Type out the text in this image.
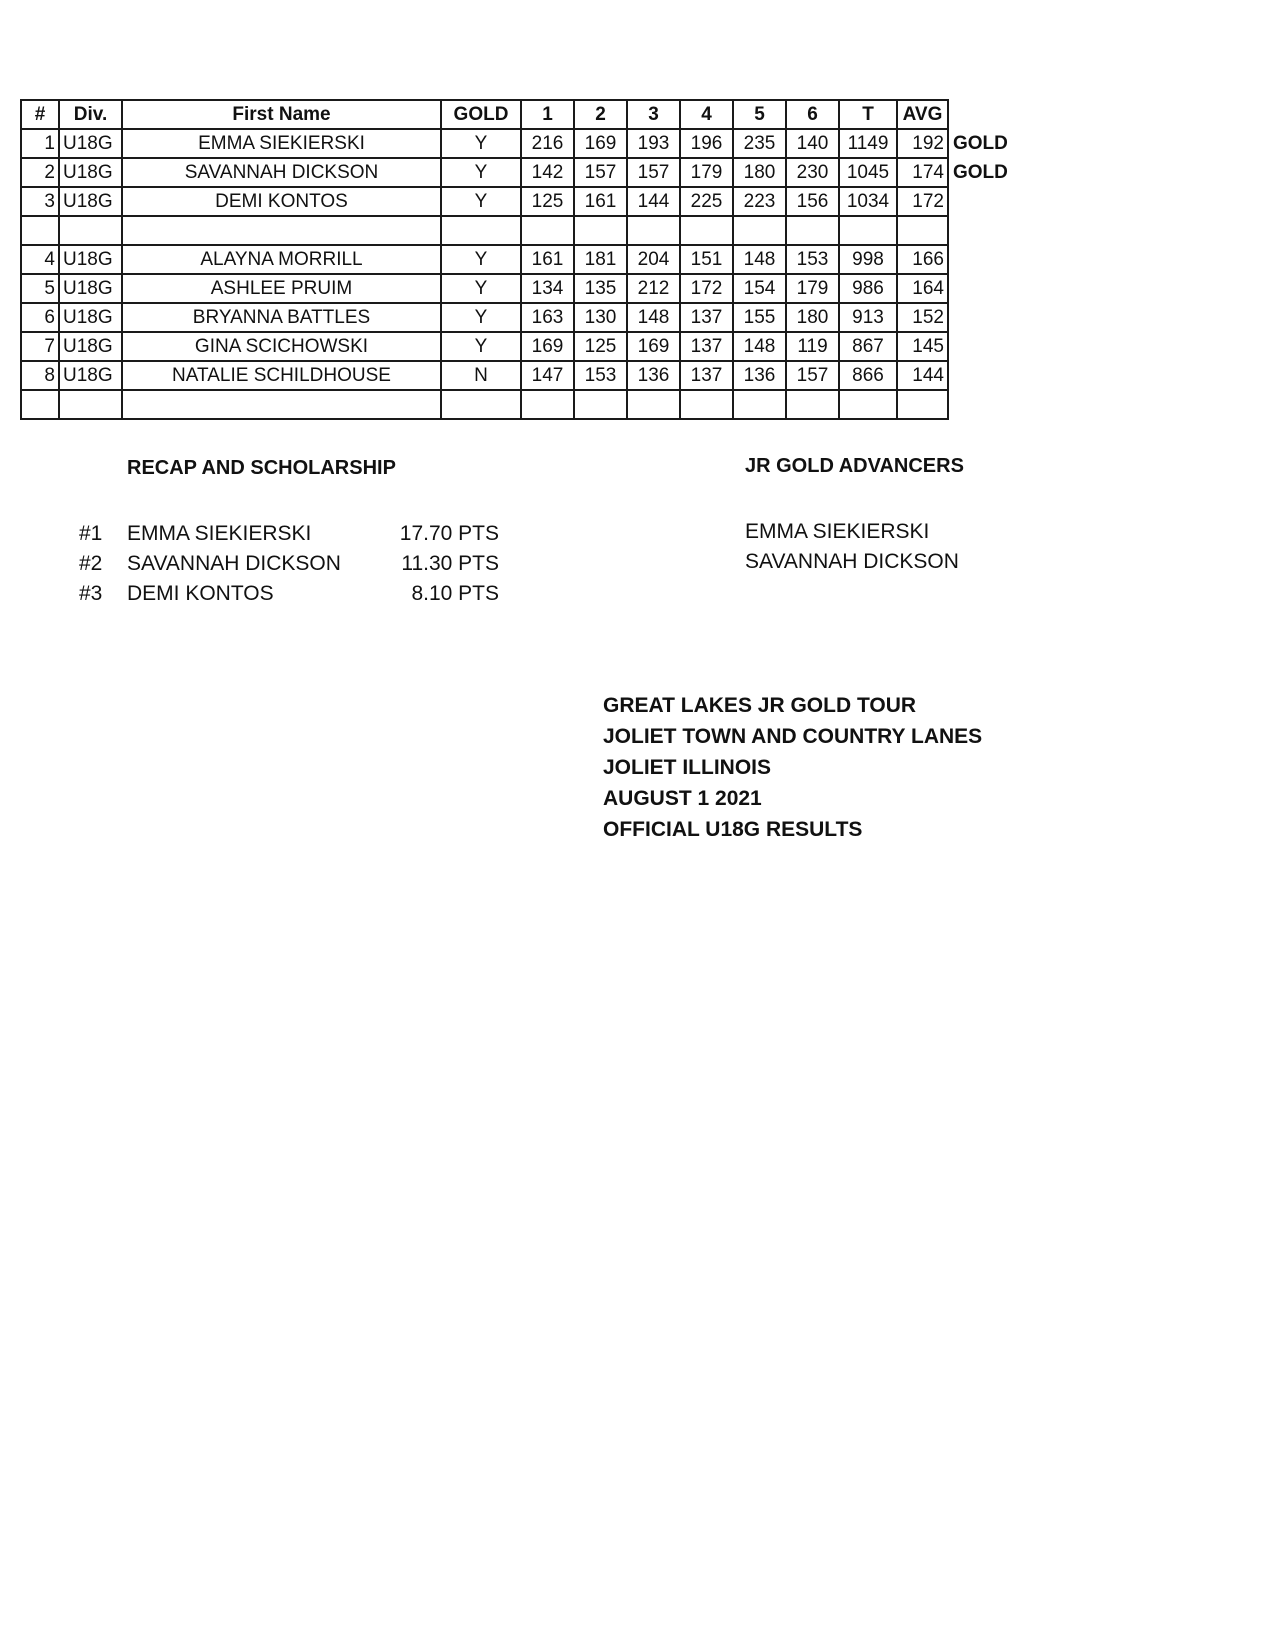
#	Div.	First Name	GOLD	1	2	3	4	5	6	T	AVG	
1	U18G	EMMA SIEKIERSKI	Y	216	169	193	196	235	140	1149	192	GOLD
2	U18G	SAVANNAH DICKSON	Y	142	157	157	179	180	230	1045	174	GOLD
3	U18G	DEMI KONTOS	Y	125	161	144	225	223	156	1034	172	

4	U18G	ALAYNA MORRILL	Y	161	181	204	151	148	153	998	166	
5	U18G	ASHLEE PRUIM	Y	134	135	212	172	154	179	986	164	
6	U18G	BRYANNA BATTLES	Y	163	130	148	137	155	180	913	152	
7	U18G	GINA SCICHOWSKI	Y	169	125	169	137	148	119	867	145	
8	U18G	NATALIE SCHILDHOUSE	N	147	153	136	137	136	157	866	144	

RECAP AND SCHOLARSHIP	JR GOLD ADVANCERS
#1 EMMA SIEKIERSKI	17.70 PTS
#2 SAVANNAH DICKSON	11.30 PTS
#3 DEMI KONTOS	8.10 PTS
EMMA SIEKIERSKI
SAVANNAH DICKSON
GREAT LAKES JR GOLD TOUR
JOLIET TOWN AND COUNTRY LANES
JOLIET ILLINOIS
AUGUST 1 2021
OFFICIAL U18G RESULTS
